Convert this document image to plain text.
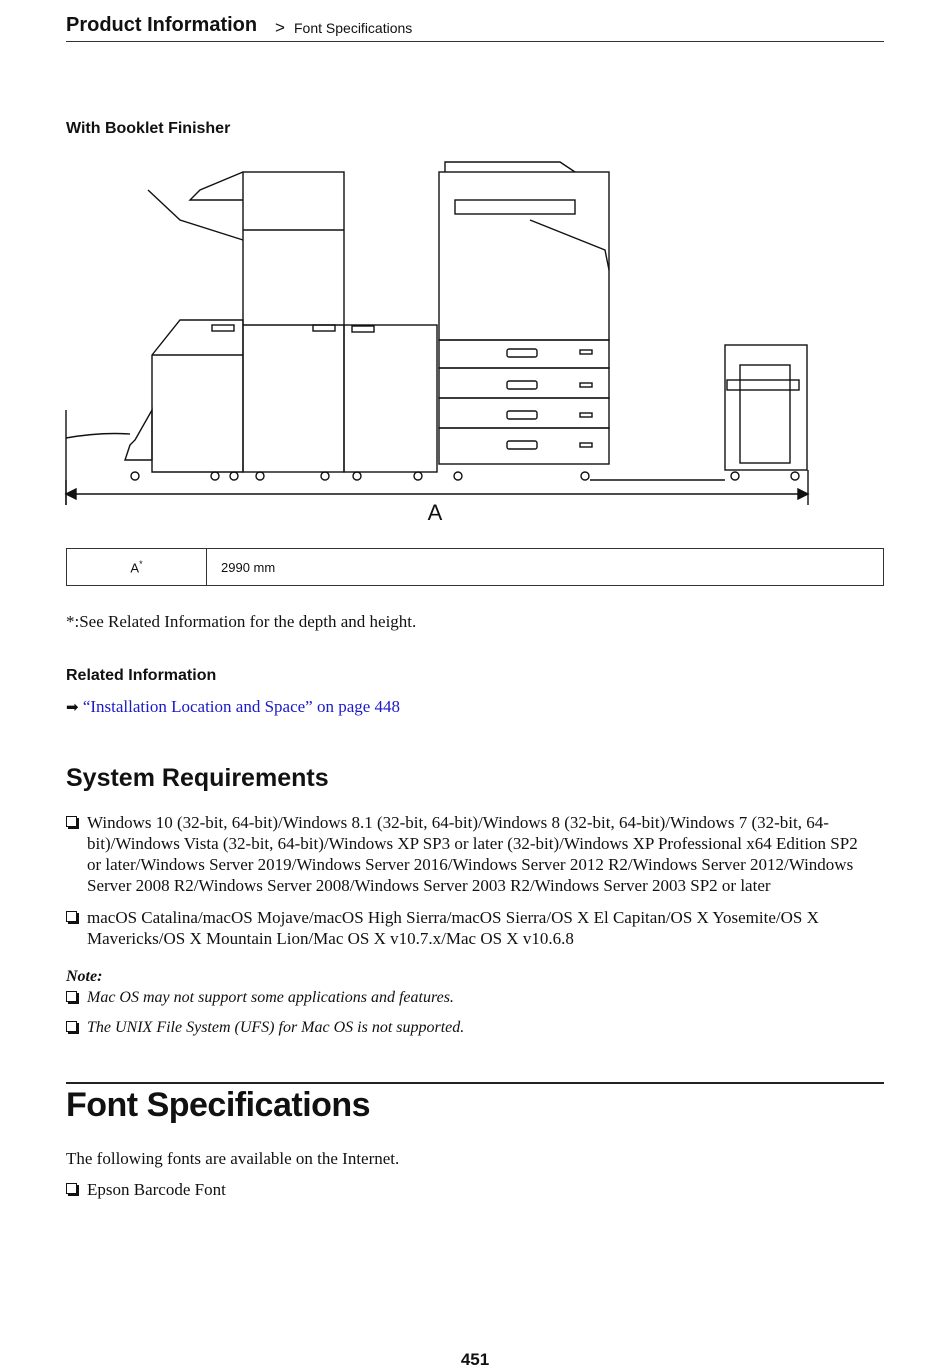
Product Information > Font Specifications
With Booklet Finisher
A
A*	2990 mm
*:See Related Information for the depth and height.
Related Information
➡ “Installation Location and Space” on page 448
System Requirements
Windows 10 (32-bit, 64-bit)/Windows 8.1 (32-bit, 64-bit)/Windows 8 (32-bit, 64-bit)/Windows 7 (32-bit, 64-bit)/Windows Vista (32-bit, 64-bit)/Windows XP SP3 or later (32-bit)/Windows XP Professional x64 Edition SP2 or later/Windows Server 2019/Windows Server 2016/Windows Server 2012 R2/Windows Server 2012/Windows Server 2008 R2/Windows Server 2008/Windows Server 2003 R2/Windows Server 2003 SP2 or later
macOS Catalina/macOS Mojave/macOS High Sierra/macOS Sierra/OS X El Capitan/OS X Yosemite/OS X Mavericks/OS X Mountain Lion/Mac OS X v10.7.x/Mac OS X v10.6.8
Note:
Mac OS may not support some applications and features.
The UNIX File System (UFS) for Mac OS is not supported.
Font Specifications
The following fonts are available on the Internet.
Epson Barcode Font
451
